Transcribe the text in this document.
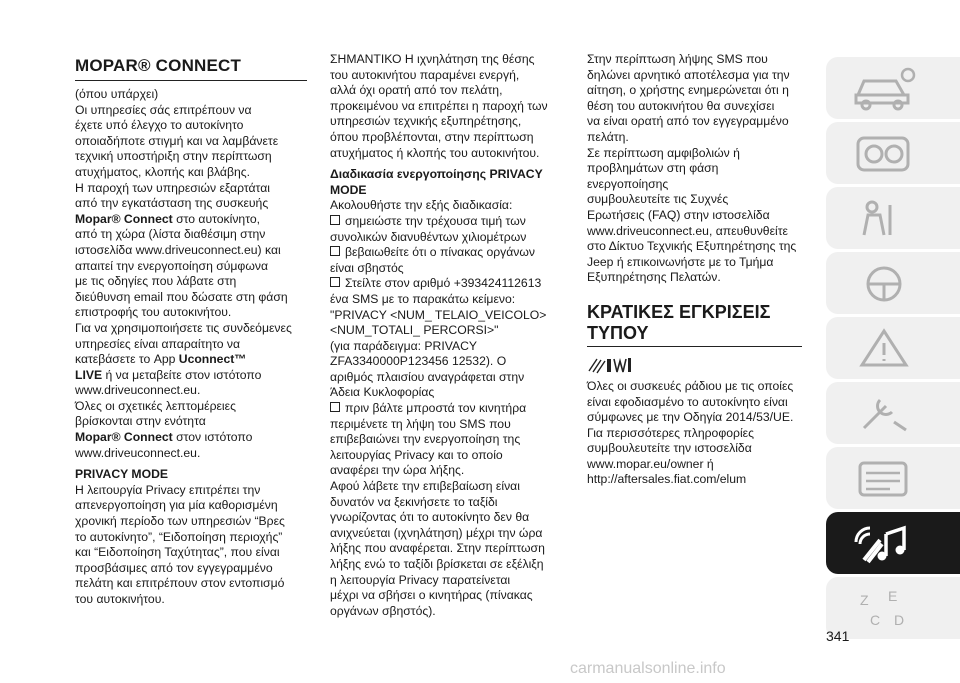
MOPAR® CONNECT

(όπου υπάρχει)

Οι υπηρεσίες σάς επιτρέπουν να

έχετε υπό έλεγχο το αυτοκίνητο

οποιαδήποτε στιγμή και να λαμβάνετε

τεχνική υποστήριξη στην περίπτωση

ατυχήματος, κλοπής και βλάβης.

Η παροχή των υπηρεσιών εξαρτάται

από την εγκατάσταση της συσκευής

Mopar® Connect στο αυτοκίνητο,

από τη χώρα (λίστα διαθέσιμη στην

ιστοσελίδα www.driveuconnect.eu) και

απαιτεί την ενεργοποίηση σύμφωνα

με τις οδηγίες που λάβατε στη

διεύθυνση email που δώσατε στη φάση

επιστροφής του αυτοκινήτου.

Για να χρησιμοποιήσετε τις συνδεόμενες

υπηρεσίες είναι απαραίτητο να

κατεβάσετε το App Uconnect™

LIVE ή να μεταβείτε στον ιστότοπο

www.driveuconnect.eu.

Όλες οι σχετικές λεπτομέρειες

βρίσκονται στην ενότητα

Mopar® Connect στον ιστότοπο

www.driveuconnect.eu.

PRIVACY MODE

Η λειτουργία Privacy επιτρέπει την

απενεργοποίηση για μία καθορισμένη

χρονική περίοδο των υπηρεσιών “Βρες

το αυτοκίνητο”, “Ειδοποίηση περιοχής”

και “Ειδοποίηση Ταχύτητας”, που είναι

προσβάσιμες από τον εγγεγραμμένο

πελάτη και επιτρέπουν στον εντοπισμό

του αυτοκινήτου.

ΣΗΜΑΝΤΙΚΟ Η ιχνηλάτηση της θέσης

του αυτοκινήτου παραμένει ενεργή,

αλλά όχι ορατή από τον πελάτη,

προκειμένου να επιτρέπει η παροχή των

υπηρεσιών τεχνικής εξυπηρέτησης,

όπου προβλέπονται, στην περίπτωση

ατυχήματος ή κλοπής του αυτοκινήτου.

Διαδικασία ενεργοποίησης PRIVACY

MODE

Ακολουθήστε την εξής διαδικασία:

σημειώστε την τρέχουσα τιμή των

συνολικών διανυθέντων χιλιομέτρων

βεβαιωθείτε ότι ο πίνακας οργάνων

είναι σβηστός

Στείλτε στον αριθμό +393424112613

ένα SMS με το παρακάτω κείμενο:

"PRIVACY <NUM_ TELAIO_VEICOLO>

<NUM_TOTALI_ PERCORSI>"

(για παράδειγμα: PRIVACY

ZFA3340000P123456 12532). Ο

αριθμός πλαισίου αναγράφεται στην

Άδεια Κυκλοφορίας

πριν βάλτε μπροστά τον κινητήρα

περιμένετε τη λήψη του SMS που

επιβεβαιώνει την ενεργοποίηση της

λειτουργίας Privacy και το οποίο

αναφέρει την ώρα λήξης.

Αφού λάβετε την επιβεβαίωση είναι

δυνατόν να ξεκινήσετε το ταξίδι

γνωρίζοντας ότι το αυτοκίνητο δεν θα

ανιχνεύεται (ιχνηλάτηση) μέχρι την ώρα

λήξης που αναφέρεται. Στην περίπτωση

λήξης ενώ το ταξίδι βρίσκεται σε εξέλιξη

η λειτουργία Privacy παρατείνεται

μέχρι να σβήσει ο κινητήρας (πίνακας

οργάνων σβηστός).

Στην περίπτωση λήψης SMS που

δηλώνει αρνητικό αποτέλεσμα για την

αίτηση, ο χρήστης ενημερώνεται ότι η

θέση του αυτοκινήτου θα συνεχίσει

να είναι ορατή από τον εγγεγραμμένο

πελάτη.

Σε περίπτωση αμφιβολιών ή

προβλημάτων στη φάση ενεργοποίησης

συμβουλευτείτε τις Συχνές

Ερωτήσεις (FAQ) στην ιστοσελίδα

www.driveuconnect.eu, απευθυνθείτε

στο Δίκτυο Τεχνικής Εξυπηρέτησης της

Jeep ή επικοινωνήστε με το Τμήμα

Εξυπηρέτησης Πελατών.

ΚΡΑΤΙΚΕΣ ΕΓΚΡΙΣΕΙΣ

ΤΥΠΟΥ

Όλες οι συσκευές ράδιου με τις οποίες

είναι εφοδιασμένο το αυτοκίνητο είναι

σύμφωνες με την Οδηγία 2014/53/UE.

Για περισσότερες πληροφορίες

συμβουλευτείτε την ιστοσελίδα

www.mopar.eu/owner ή

http://aftersales.fiat.com/elum

Z E
C D
341
carmanualsonline.info
